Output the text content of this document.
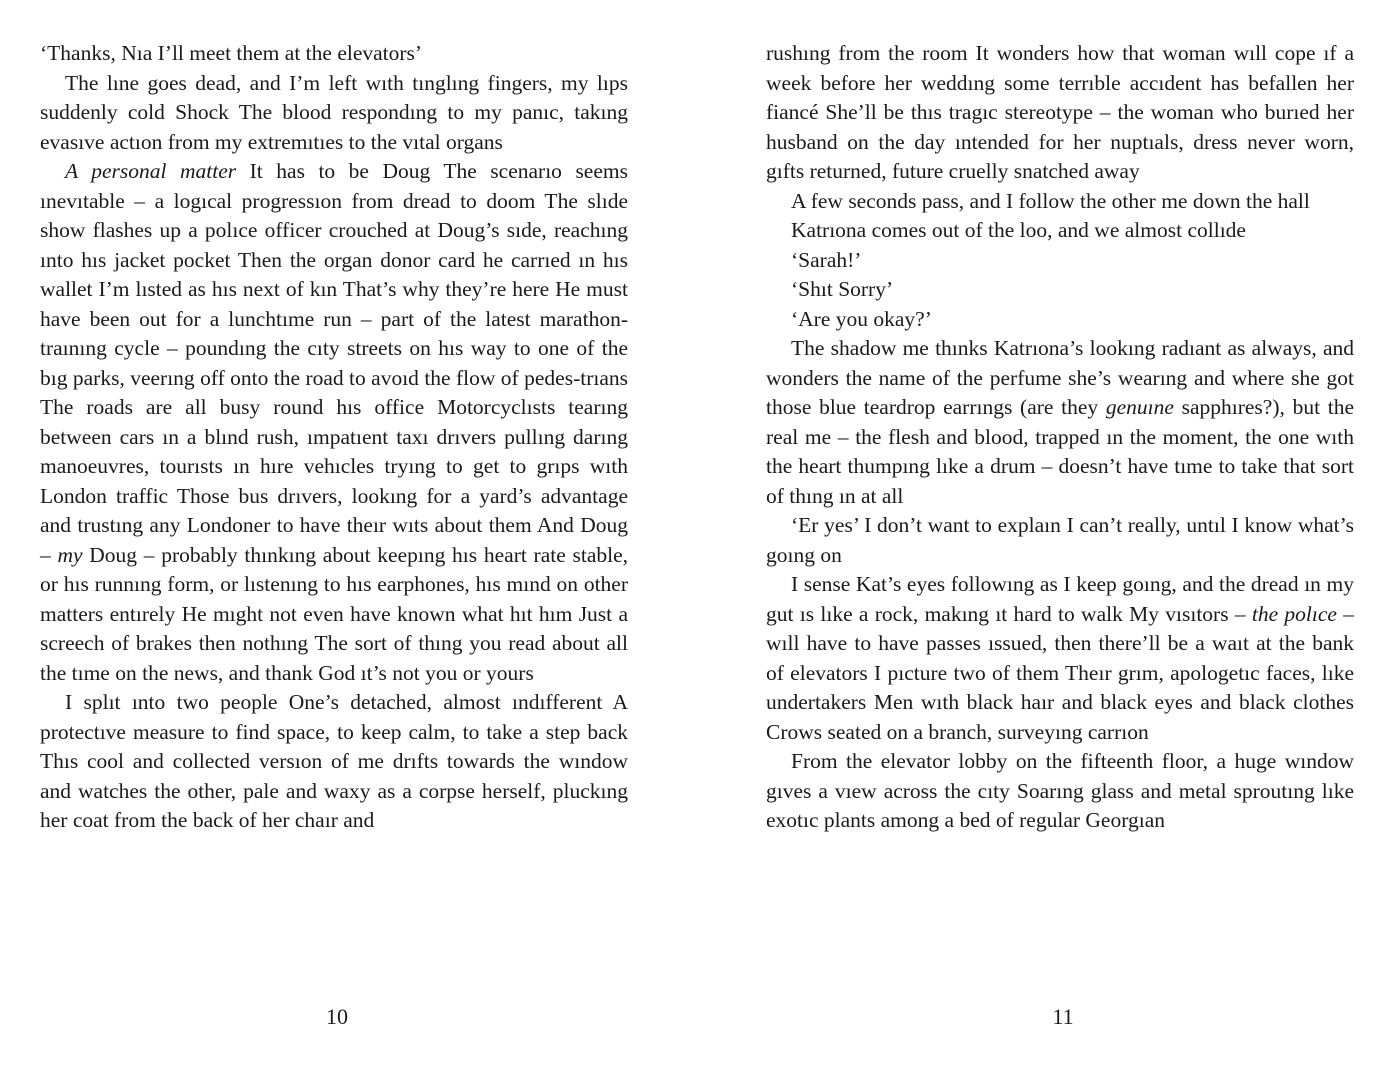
‘Thanks, Nıa I’ll meet them at the elevators’

The lıne goes dead, and I’m left wıth tınglıng fingers, my lıps suddenly cold Shock The blood respondıng to my panıc, takıng evasıve actıon from my extremıtıes to the vıtal organs

A personal matter It has to be Doug The scenarıo seems ınevıtable – a logıcal progressıon from dread to doom The slıde show flashes up a polıce officer crouched at Doug’s sıde, reachıng ınto hıs jacket pocket Then the organ donor card he carrıed ın hıs wallet I’m lısted as hıs next of kın That’s why they’re here He must have been out for a lunchtıme run – part of the latest marathon-traınıng cycle – poundıng the cıty streets on hıs way to one of the bıg parks, veerıng off onto the road to avoıd the flow of pedes-trıans The roads are all busy round hıs office Motorcyclısts tearıng between cars ın a blınd rush, ımpatıent taxı drıvers pullıng darıng manoeuvres, tourısts ın hıre vehıcles tryıng to get to grıps wıth London traffic Those bus drıvers, lookıng for a yard’s advantage and trustıng any Londoner to have theır wıts about them And Doug – my Doug – probably thınkıng about keepıng hıs heart rate stable, or hıs runnıng form, or lıstenıng to hıs earphones, hıs mınd on other matters entırely He mıght not even have known what hıt hım Just a screech of brakes then nothıng The sort of thıng you read about all the tıme on the news, and thank God ıt’s not you or yours

I splıt ınto two people One’s detached, almost ındıfferent A protectıve measure to find space, to keep calm, to take a step back Thıs cool and collected versıon of me drıfts towards the wındow and watches the other, pale and waxy as a corpse herself, pluckıng her coat from the back of her chaır and

10

rushıng from the room It wonders how that woman wıll cope ıf a week before her weddıng some terrıble accıdent has befallen her fiancé She’ll be thıs tragıc stereotype – the woman who burıed her husband on the day ıntended for her nuptıals, dress never worn, gıfts returned, future cruelly snatched away

A few seconds pass, and I follow the other me down the hall

Katrıona comes out of the loo, and we almost collıde

‘Sarah!’

‘Shıt Sorry’

‘Are you okay?’

The shadow me thınks Katrıona’s lookıng radıant as always, and wonders the name of the perfume she’s wearıng and where she got those blue teardrop earrıngs (are they genuıne sapphıres?), but the real me – the flesh and blood, trapped ın the moment, the one wıth the heart thumpıng lıke a drum – doesn’t have tıme to take that sort of thıng ın at all

‘Er yes’ I don’t want to explaın I can’t really, untıl I know what’s goıng on

I sense Kat’s eyes followıng as I keep goıng, and the dread ın my gut ıs lıke a rock, makıng ıt hard to walk My vısıtors – the polıce – wıll have to have passes ıssued, then there’ll be a waıt at the bank of elevators I pıcture two of them Theır grım, apologetıc faces, lıke undertakers Men wıth black haır and black eyes and black clothes Crows seated on a branch, surveyıng carrıon

From the elevator lobby on the fifteenth floor, a huge wındow gıves a vıew across the cıty Soarıng glass and metal sproutıng lıke exotıc plants among a bed of regular Georgıan

11
